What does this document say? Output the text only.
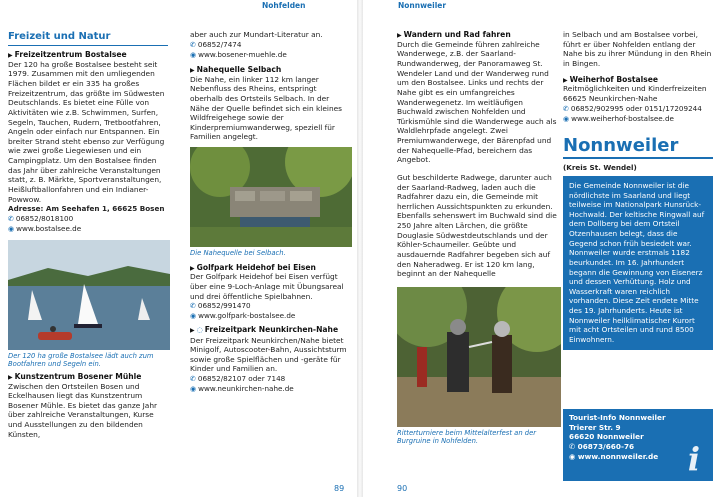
Nohfelden
Freizeit und Natur
▶ Freizeitzentrum Bostalsee

Der 120 ha große Bostalsee besteht seit 1979. Zusammen mit den umliegenden Flächen bildet er ein 335 ha großes Freizeitzentrum, das größte im Südwesten Deutschlands. Es bietet eine Fülle von Aktivitäten wie z.B. Schwimmen, Surfen, Segeln, Tauchen, Rudern, Tretbootfahren, Angeln oder einfach nur Entspannen. Ein breiter Strand steht ebenso zur Verfügung wie zwei große Liegewiesen und ein Campingplatz. Um den Bostalsee finden das Jahr über zahlreiche Veranstaltungen statt, z. B. Märkte, Sportveranstaltungen, Heißluftballonfahren und ein Indianer-Powwow.

Adresse: Am Seehafen 1, 66625 Bosen

✆ 06852/8018100

◉ www.bostalsee.de

Der 120 ha große Bostalsee lädt auch zum Bootfahren und Segeln ein.
▶ Kunstzentrum Bosener Mühle

Zwischen den Ortsteilen Bosen und Eckelhausen liegt das Kunstzentrum Bosener Mühle. Es bietet das ganze Jahr über zahlreiche Veranstaltungen, Kurse und Ausstellungen zu den bildenden Künsten,

aber auch zur Mundart-Literatur an.

✆ 06852/7474

◉ www.bosener-muehle.de

▶ Nahequelle Selbach

Die Nahe, ein linker 112 km langer Nebenfluss des Rheins, entspringt oberhalb des Ortsteils Selbach. In der Nähe der Quelle befindet sich ein kleines Wildfreigehege sowie der Kinderpremiumwanderweg, speziell für Familien angelegt.

Die Nahequelle bei Selbach.
▶ Golfpark Heidehof bei Eisen

Der Golfpark Heidehof bei Eisen verfügt über eine 9-Loch-Anlage mit Übungsareal und drei öffentliche Spielbahnen.

✆ 06852/991470

◉ www.golfpark-bostalsee.de

▶ ◌ Freizeitpark Neunkirchen-Nahe

Der Freizeitpark Neunkirchen/Nahe bietet Minigolf, Autoscooter-Bahn, Aussichtsturm sowie große Spielflächen und -geräte für Kinder und Familien an.

✆ 06852/82107 oder 7148

◉ www.neunkirchen-nahe.de

89
Nonnweiler
▶ Wandern und Rad fahren

Durch die Gemeinde führen zahlreiche Wanderwege, z.B. der Saarland-Rundwanderweg, der Panoramaweg St. Wendeler Land und der Wanderweg rund um den Bostalsee. Links und rechts der Nahe gibt es ein umfangreiches Wanderwegenetz. Im weitläufigen Buchwald zwischen Nohfelden und Türkismühle sind die Wanderwege auch als Waldlehrpfade angelegt. Zwei Premiumwanderwege, der Bärenpfad und der Nahequelle-Pfad, bereichern das Angebot.

Gut beschilderte Radwege, darunter auch der Saarland-Radweg, laden auch die Radfahrer dazu ein, die Gemeinde mit herrlichen Aussichtspunkten zu erkunden. Ebenfalls sehenswert im Buchwald sind die 250 Jahre alten Lärchen, die größte Douglasie Südwestdeutschlands und der Köhler-Schaumeiler. Geübte und ausdauernde Radfahrer begeben sich auf den Naheradweg. Er ist 120 km lang, beginnt an der Nahequelle

Ritterturniere beim Mittelalterfest an der Burgruine in Nohfelden.

in Selbach und am Bostalsee vorbei, führt er über Nohfelden entlang der Nahe bis zu ihrer Mündung in den Rhein in Bingen.

▶ Weiherhof Bostalsee

Reitmöglichkeiten und Kinderfreizeiten 66625 Neunkirchen-Nahe

✆ 06852/902995 oder 0151/17209244

◉ www.weiherhof-bostalsee.de

Nonnweiler
(Kreis St. Wendel)
Die Gemeinde Nonnweiler ist die nördlichste im Saarland und liegt teilweise im Nationalpark Hunsrück-Hochwald. Der keltische Ringwall auf dem Dollberg bei dem Ortsteil Otzenhausen belegt, dass die Gegend schon früh besiedelt war. Nonnweiler wurde erstmals 1182 beurkundet. Im 16. Jahrhundert begann die Gewinnung von Eisenerz und dessen Verhüttung. Holz und Wasserkraft waren reichlich vorhanden. Diese Zeit endete Mitte des 19. Jahrhunderts. Heute ist Nonnweiler heilklimatischer Kurort mit acht Ortsteilen und rund 8500 Einwohnern.
Tourist-Info Nonnweiler
Trierer Str. 9
66620 Nonnweiler
✆ 06873/660-76
◉ www.nonnweiler.de i
90
